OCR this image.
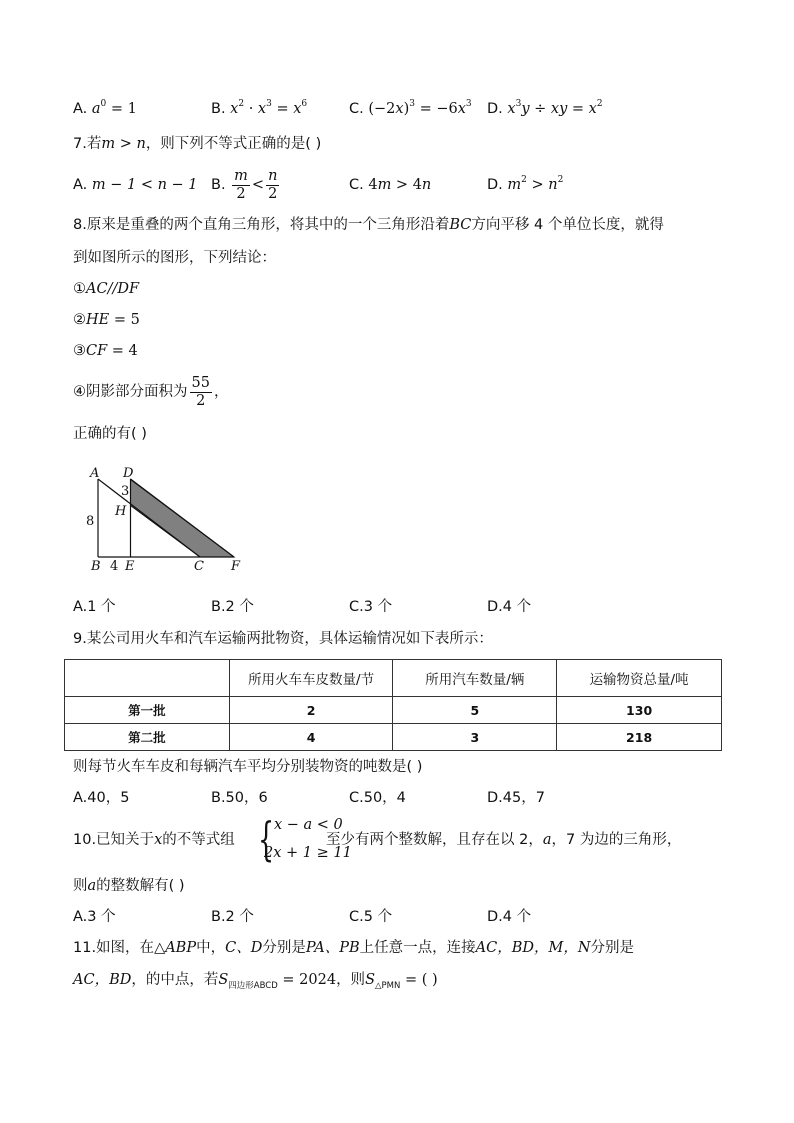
A. $a^0 = 1$	B. $x^2 \cdot x^3 = x^6$	C. $(-2x)^3 = -6x^3$ D. $x^3y$ ÷ xy = $x^2$
7.若m > n，则下列不等式正确的是( )
A. m − 1 < n − 1 B. $\frac{m}{2} < \frac{n}{2}$	C. 4m > 4n	D. $m^2 > n^2$
8.原来是重叠的两个直角三角形，将其中的一个三角形沿着BC方向平移 4 个单位长度，就得
到如图所示的图形，下列结论：
①AC//DF
②HE = 5
③CF = 4
④阴影部分面积为 $\frac{55}{2}$ ，
正确的有( )
A D
H
B E	C F
8
4
3
A.1 个	B.2 个	C.3 个	D.4 个
9.某公司用火车和汽车运输两批物资，具体运输情况如下表所示：
	所用火车车皮数量/节	所用汽车数量/辆	运输物资总量/吨
第一批	2	5	130
第二批	4	3	218
则每节火车车皮和每辆汽车平均分别装物资的吨数是( )
A.40，5	B.50，6	C.50，4	D.45，7
10.已知关于x的不等式组 { x − a < 0
2x + 1 ≥ 11
至少有两个整数解，且存在以 2，a，7 为边的三角形，
则a的整数解有( )
A.3 个	B.2 个	C.5 个	D.4 个
11.如图，在△ABP中，C、D分别是PA、PB上任意一点，连接AC，BD，M，N分别是
AC，BD，的中点，若$S_{四边形ABCD} = 2024$，则$S_{\triangle PMN}$ = ( )
